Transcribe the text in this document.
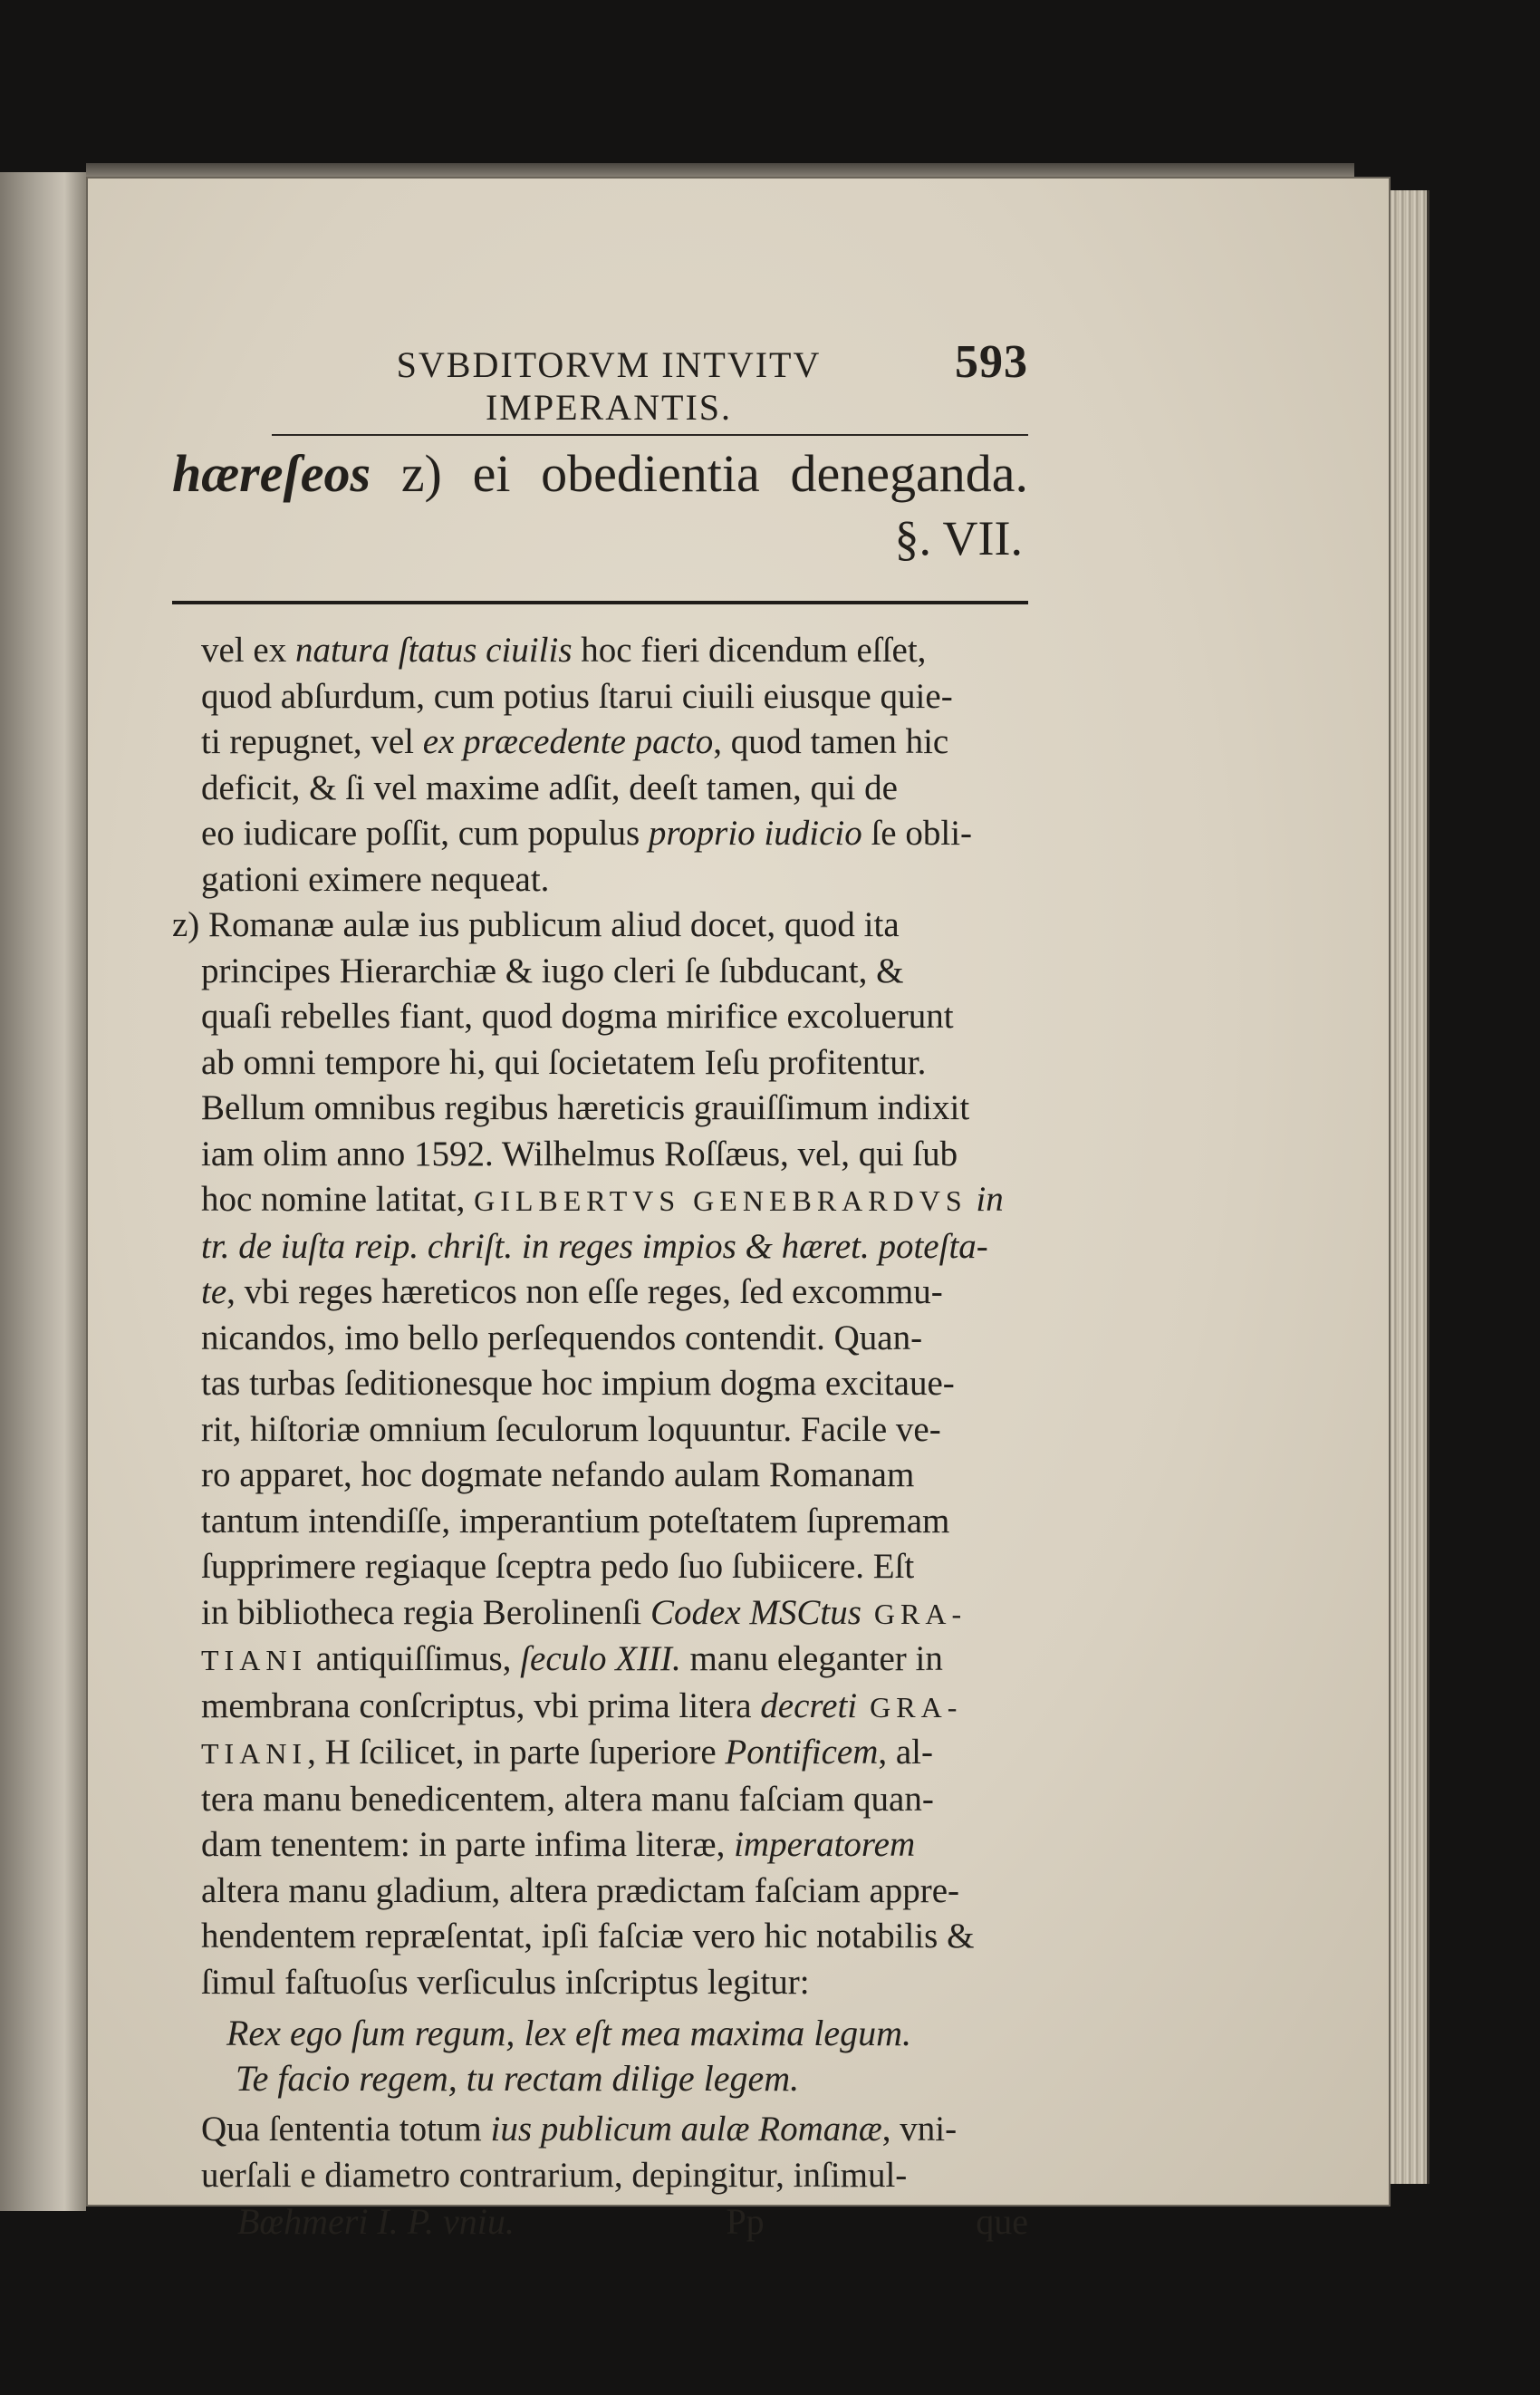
SVBDITORVM INTVITV IMPERANTIS.
593
hæreſeos z) ei obedientia deneganda.
§. VII.

vel ex natura ſtatus ciuilis hoc fieri dicendum eſſet,

quod abſurdum, cum potius ſtarui ciuili eiusque quie-

ti repugnet, vel ex præcedente pacto, quod tamen hic

deficit, & ſi vel maxime adſit, deeſt tamen, qui de

eo iudicare poſſit, cum populus proprio iudicio ſe obli-

gationi eximere nequeat.

z) Romanæ aulæ ius publicum aliud docet, quod ita

principes Hierarchiæ & iugo cleri ſe ſubducant, &

quaſi rebelles fiant, quod dogma mirifice excoluerunt

ab omni tempore hi, qui ſocietatem Ieſu profitentur.

Bellum omnibus regibus hæreticis grauiſſimum indixit

iam olim anno 1592. Wilhelmus Roſſæus, vel, qui ſub

hoc nomine latitat, GILBERTVS GENEBRARDVS in

tr. de iuſta reip. chriſt. in reges impios & hæret. poteſta-

te, vbi reges hæreticos non eſſe reges, ſed excommu-

nicandos, imo bello perſequendos contendit. Quan-

tas turbas ſeditionesque hoc impium dogma excitaue-

rit, hiſtoriæ omnium ſeculorum loquuntur. Facile ve-

ro apparet, hoc dogmate nefando aulam Romanam

tantum intendiſſe, imperantium poteſtatem ſupremam

ſupprimere regiaque ſceptra pedo ſuo ſubiicere. Eſt

in bibliotheca regia Berolinenſi Codex MSCtus GRA-

TIANI antiquiſſimus, ſeculo XIII. manu eleganter in

membrana conſcriptus, vbi prima litera decreti GRA-

TIANI, H ſcilicet, in parte ſuperiore Pontificem, al-

tera manu benedicentem, altera manu faſciam quan-

dam tenentem: in parte infima literæ, imperatorem

altera manu gladium, altera prædictam faſciam appre-

hendentem repræſentat, ipſi faſciæ vero hic notabilis &

ſimul faſtuoſus verſiculus inſcriptus legitur:

Rex ego ſum regum, lex eſt mea maxima legum.
Te facio regem, tu rectam dilige legem.

Qua ſententia totum ius publicum aulæ Romanæ, vni-

uerſali e diametro contrarium, depingitur, inſimul-

Bœhmeri I. P. vniu.	Pp	que
